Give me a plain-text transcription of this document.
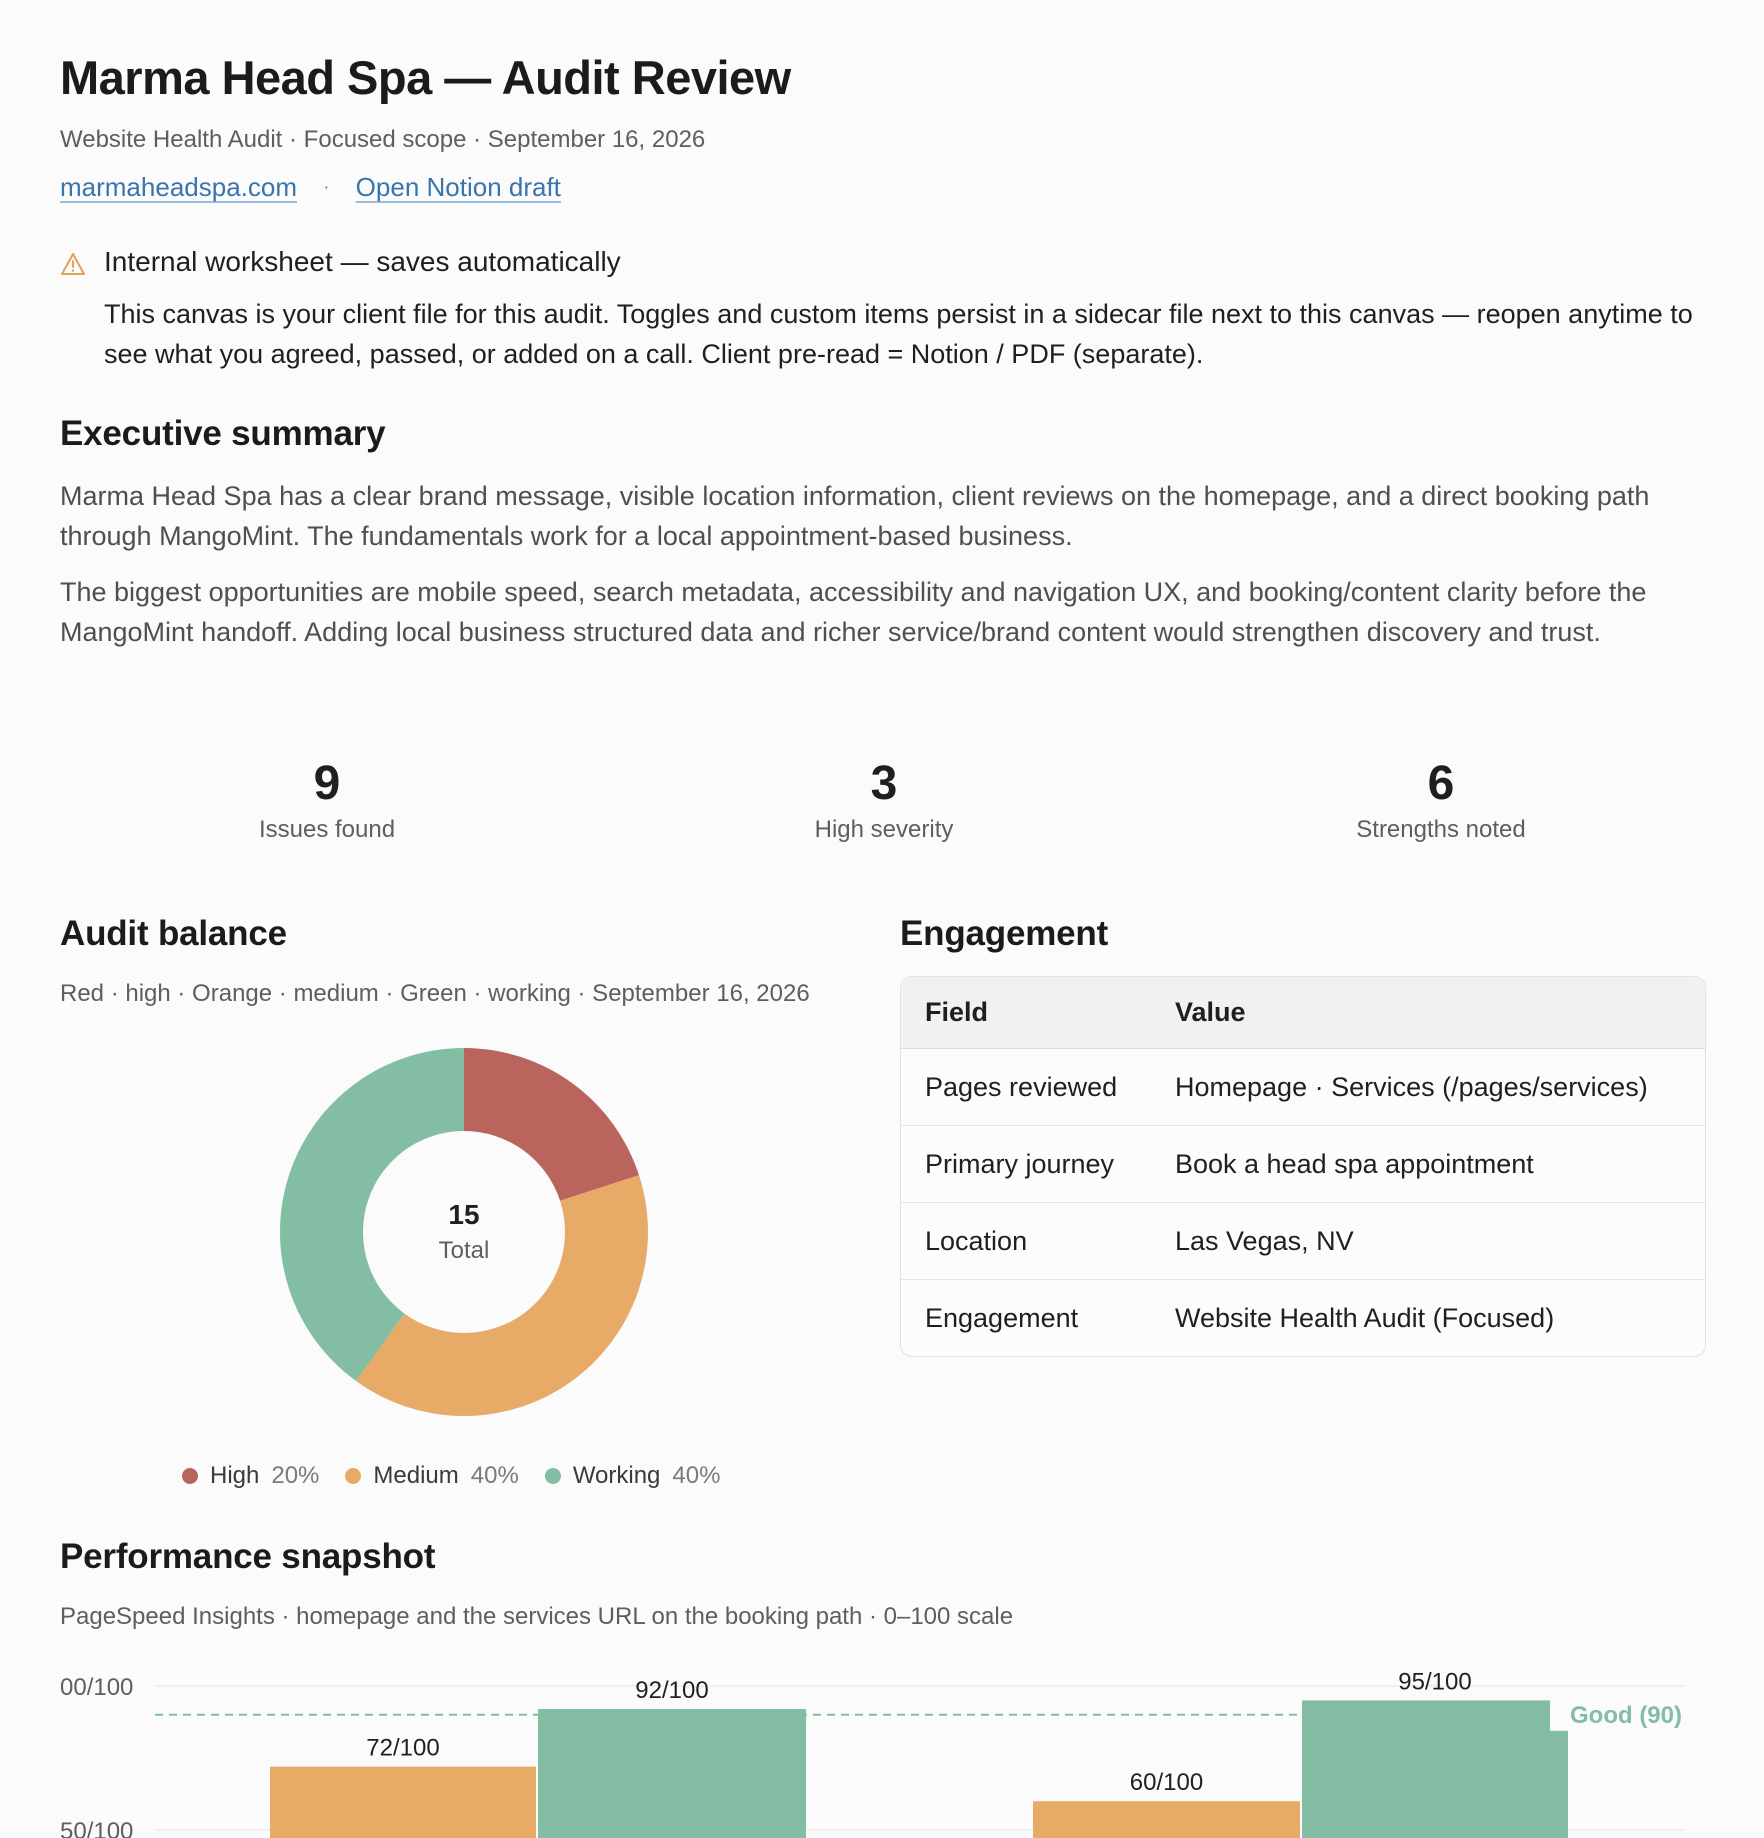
Marma Head Spa — Audit Review
Website Health Audit · Focused scope · September 16, 2026
marmaheadspa.com · Open Notion draft
Internal worksheet — saves automatically
This canvas is your client file for this audit. Toggles and custom items persist in a sidecar file next to this canvas — reopen anytime to see what you agreed, passed, or added on a call. Client pre-read = Notion / PDF (separate).
Executive summary
Marma Head Spa has a clear brand message, visible location information, client reviews on the homepage, and a direct booking path through MangoMint. The fundamentals work for a local appointment-based business.
The biggest opportunities are mobile speed, search metadata, accessibility and navigation UX, and booking/content clarity before the MangoMint handoff. Adding local business structured data and richer service/brand content would strengthen discovery and trust.
9
Issues found
3
High severity
6
Strengths noted
Audit balance
Red · high · Orange · medium · Green · working · September 16, 2026
15
Total
High 20% Medium 40% Working 40%
Engagement
Field	Value
Pages reviewed	Homepage · Services (/pages/services)
Primary journey	Book a head spa appointment
Location	Las Vegas, NV
Engagement	Website Health Audit (Focused)
Performance snapshot
PageSpeed Insights · homepage and the services URL on the booking path · 0–100 scale
00/100
50/100
72/100
92/100
60/100
95/100
Good (90)
